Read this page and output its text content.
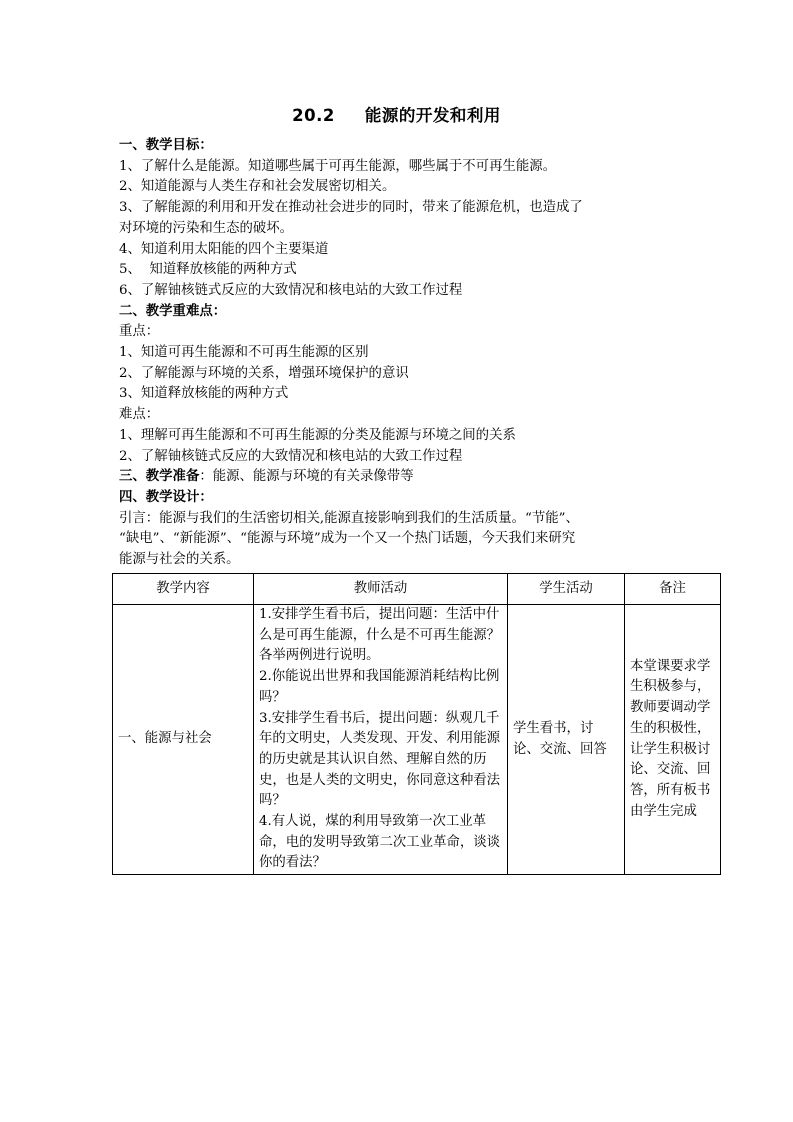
20.2 能源的开发和利用
一、教学目标：
1、了解什么是能源。知道哪些属于可再生能源，哪些属于不可再生能源。
2、知道能源与人类生存和社会发展密切相关。
3、了解能源的利用和开发在推动社会进步的同时，带来了能源危机，也造成了
对环境的污染和生态的破坏。
4、知道利用太阳能的四个主要渠道
5、  知道释放核能的两种方式
6、了解铀核链式反应的大致情况和核电站的大致工作过程
二、教学重难点：
重点：
1、知道可再生能源和不可再生能源的区别
2、了解能源与环境的关系，增强环境保护的意识
3、知道释放核能的两种方式
难点：
1、理解可再生能源和不可再生能源的分类及能源与环境之间的关系
2、了解铀核链式反应的大致情况和核电站的大致工作过程
三、教学准备：能源、能源与环境的有关录像带等
四、教学设计：
引言：能源与我们的生活密切相关,能源直接影响到我们的生活质量。“节能”、
“缺电”、“新能源”、“能源与环境”成为一个又一个热门话题，今天我们来研究
能源与社会的关系。
教学内容	教师活动	学生活动	备注
一、能源与社会	1.安排学生看书后，提出问题：生活中什么是可再生能源，什么是不可再生能源？各举两例进行说明。
2.你能说出世界和我国能源消耗结构比例吗？
3.安排学生看书后，提出问题：纵观几千年的文明史，人类发现、开发、利用能源的历史就是其认识自然、理解自然的历史，也是人类的文明史，你同意这种看法吗？
4.有人说，煤的利用导致第一次工业革命，电的发明导致第二次工业革命，谈谈你的看法？	学生看书，讨论、交流、回答	本堂课要求学生积极参与，教师要调动学生的积极性，让学生积极讨论、交流、回答，所有板书由学生完成
